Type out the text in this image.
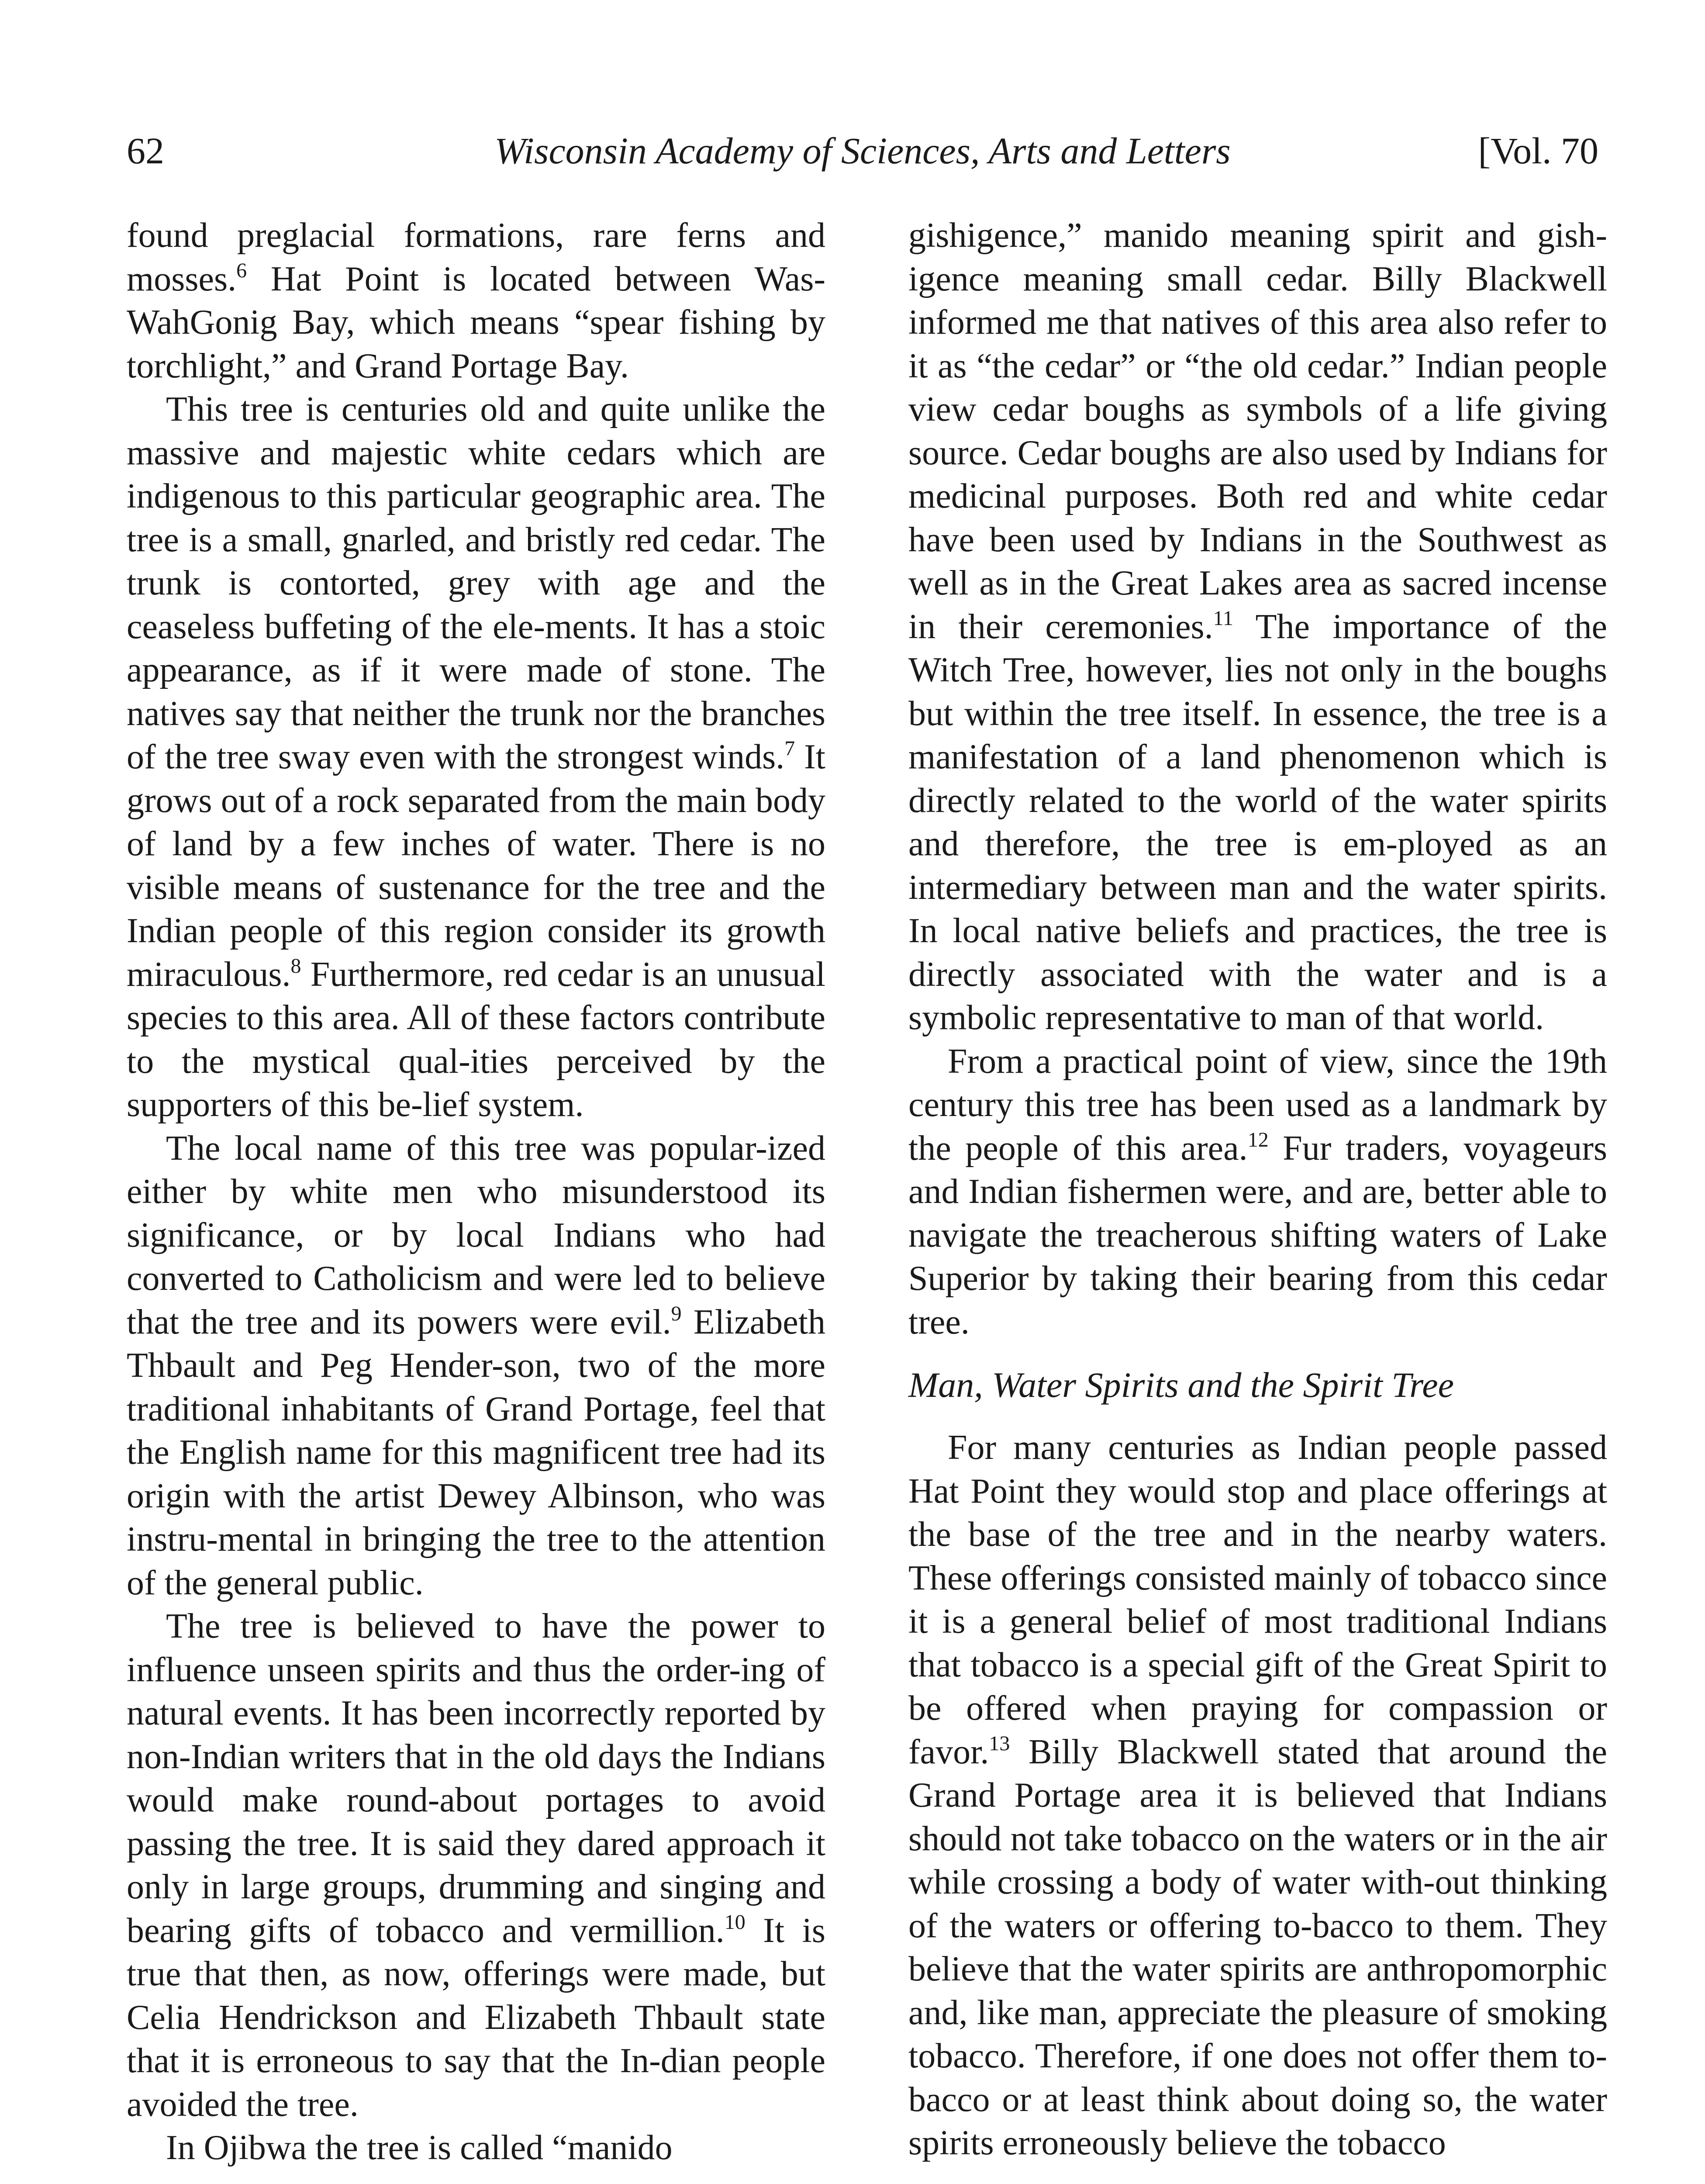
62	Wisconsin Academy of Sciences, Arts and Letters	[Vol. 70

found preglacial formations, rare ferns and mosses.$^6$ Hat Point is located between Was-WahGonig Bay, which means “spear fishing by torchlight,” and Grand Portage Bay.

This tree is centuries old and quite unlike the massive and majestic white cedars which are indigenous to this particular geographic area. The tree is a small, gnarled, and bristly red cedar. The trunk is contorted, grey with age and the ceaseless buffeting of the ele-ments. It has a stoic appearance, as if it were made of stone. The natives say that neither the trunk nor the branches of the tree sway even with the strongest winds.$^7$ It grows out of a rock separated from the main body of land by a few inches of water. There is no visible means of sustenance for the tree and the Indian people of this region consider its growth miraculous.$^8$ Furthermore, red cedar is an unusual species to this area. All of these factors contribute to the mystical qual-ities perceived by the supporters of this be-lief system.

The local name of this tree was popular-ized either by white men who misunderstood its significance, or by local Indians who had converted to Catholicism and were led to believe that the tree and its powers were evil.$^9$ Elizabeth Thbault and Peg Hender-son, two of the more traditional inhabitants of Grand Portage, feel that the English name for this magnificent tree had its origin with the artist Dewey Albinson, who was instru-mental in bringing the tree to the attention of the general public.

The tree is believed to have the power to influence unseen spirits and thus the order-ing of natural events. It has been incorrectly reported by non-Indian writers that in the old days the Indians would make round-about portages to avoid passing the tree. It is said they dared approach it only in large groups, drumming and singing and bearing gifts of tobacco and vermillion.$^{10}$ It is true that then, as now, offerings were made, but Celia Hendrickson and Elizabeth Thbault state that it is erroneous to say that the In-dian people avoided the tree.

In Ojibwa the tree is called “manido

gishigence,” manido meaning spirit and gish-igence meaning small cedar. Billy Blackwell informed me that natives of this area also refer to it as “the cedar” or “the old cedar.” Indian people view cedar boughs as symbols of a life giving source. Cedar boughs are also used by Indians for medicinal purposes. Both red and white cedar have been used by Indians in the Southwest as well as in the Great Lakes area as sacred incense in their ceremonies.$^{11}$ The importance of the Witch Tree, however, lies not only in the boughs but within the tree itself. In essence, the tree is a manifestation of a land phenomenon which is directly related to the world of the water spirits and therefore, the tree is em-ployed as an intermediary between man and the water spirits. In local native beliefs and practices, the tree is directly associated with the water and is a symbolic representative to man of that world.

From a practical point of view, since the 19th century this tree has been used as a landmark by the people of this area.$^{12}$ Fur traders, voyageurs and Indian fishermen were, and are, better able to navigate the treacherous shifting waters of Lake Superior by taking their bearing from this cedar tree.

Man, Water Spirits and the Spirit Tree

For many centuries as Indian people passed Hat Point they would stop and place offerings at the base of the tree and in the nearby waters. These offerings consisted mainly of tobacco since it is a general belief of most traditional Indians that tobacco is a special gift of the Great Spirit to be offered when praying for compassion or favor.$^{13}$ Billy Blackwell stated that around the Grand Portage area it is believed that Indians should not take tobacco on the waters or in the air while crossing a body of water with-out thinking of the waters or offering to-bacco to them. They believe that the water spirits are anthropomorphic and, like man, appreciate the pleasure of smoking tobacco. Therefore, if one does not offer them to-bacco or at least think about doing so, the water spirits erroneously believe the tobacco
